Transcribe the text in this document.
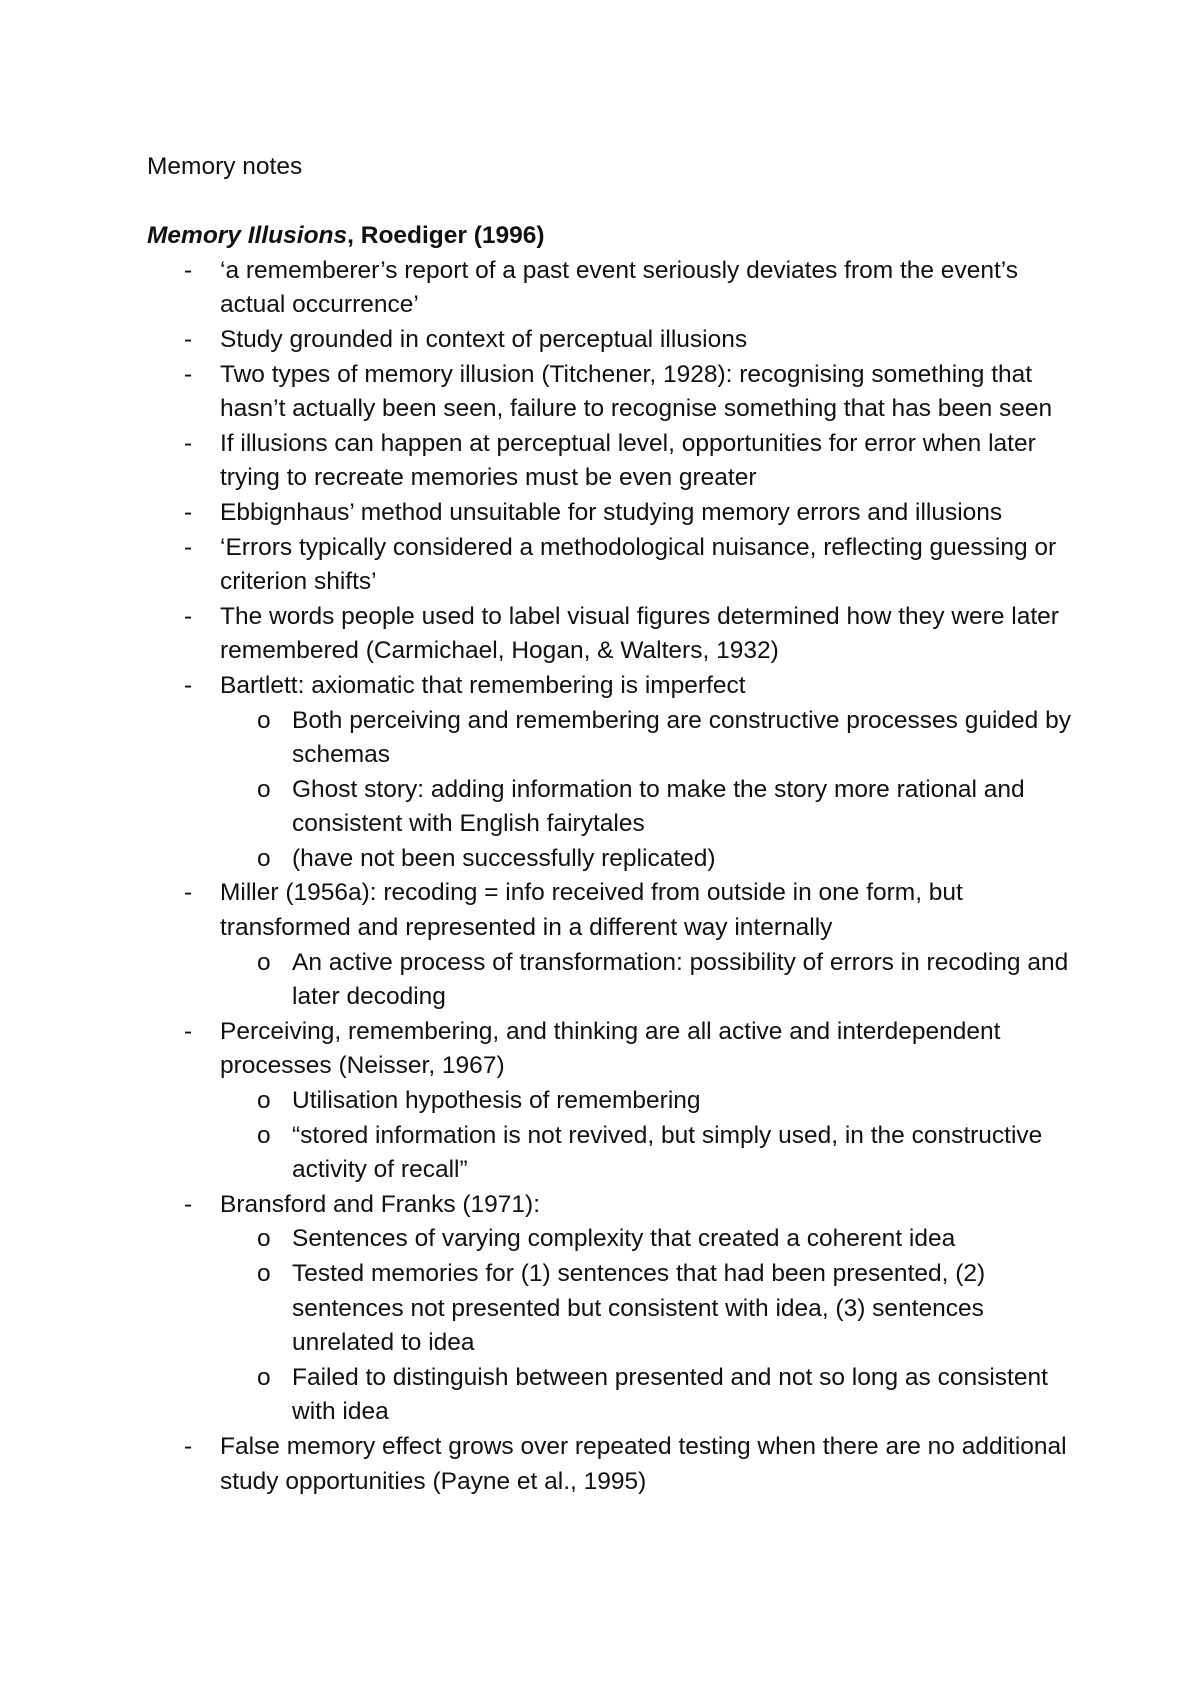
Memory notes

Memory Illusions, Roediger (1996)

- ‘a rememberer’s report of a past event seriously deviates from the event’s actual occurrence’
- Study grounded in context of perceptual illusions
- Two types of memory illusion (Titchener, 1928): recognising something that hasn’t actually been seen, failure to recognise something that has been seen
- If illusions can happen at perceptual level, opportunities for error when later trying to recreate memories must be even greater
- Ebbignhaus’ method unsuitable for studying memory errors and illusions
- ‘Errors typically considered a methodological nuisance, reflecting guessing or criterion shifts’
- The words people used to label visual figures determined how they were later remembered (Carmichael, Hogan, & Walters, 1932)
- Bartlett: axiomatic that remembering is imperfect
o Both perceiving and remembering are constructive processes guided by schemas
o Ghost story: adding information to make the story more rational and consistent with English fairytales
o (have not been successfully replicated)
- Miller (1956a): recoding = info received from outside in one form, but transformed and represented in a different way internally
o An active process of transformation: possibility of errors in recoding and later decoding
- Perceiving, remembering, and thinking are all active and interdependent processes (Neisser, 1967)
o Utilisation hypothesis of remembering
o “stored information is not revived, but simply used, in the constructive activity of recall”
- Bransford and Franks (1971):
o Sentences of varying complexity that created a coherent idea
o Tested memories for (1) sentences that had been presented, (2) sentences not presented but consistent with idea, (3) sentences unrelated to idea
o Failed to distinguish between presented and not so long as consistent with idea
- False memory effect grows over repeated testing when there are no additional study opportunities (Payne et al., 1995)
